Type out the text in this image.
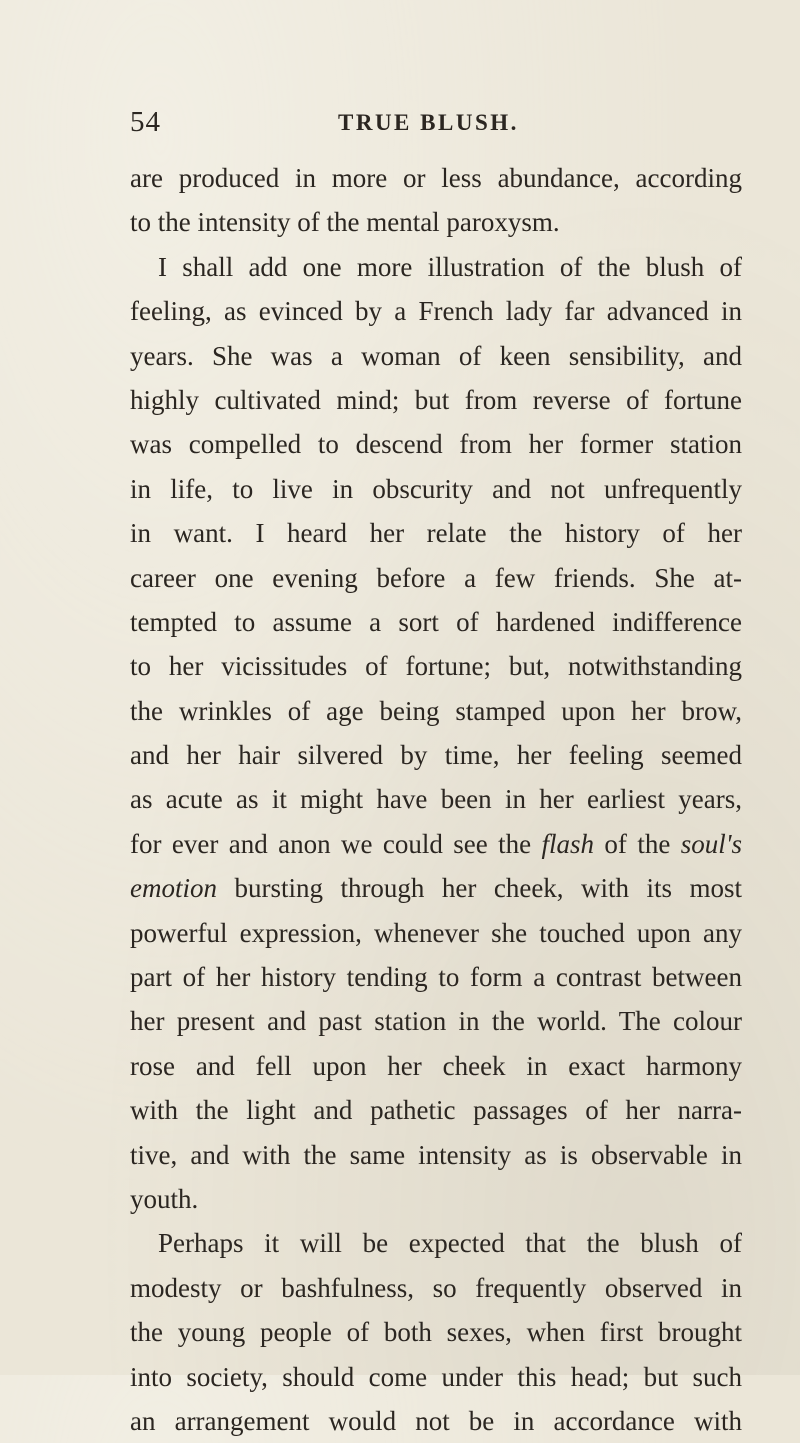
54	TRUE BLUSH.
are produced in more or less abundance, according
to the intensity of the mental paroxysm.
I shall add one more illustration of the blush of
feeling, as evinced by a French lady far advanced in
years. She was a woman of keen sensibility, and
highly cultivated mind; but from reverse of fortune
was compelled to descend from her former station
in life, to live in obscurity and not unfrequently
in want. I heard her relate the history of her
career one evening before a few friends. She at-
tempted to assume a sort of hardened indifference
to her vicissitudes of fortune; but, notwithstanding
the wrinkles of age being stamped upon her brow,
and her hair silvered by time, her feeling seemed
as acute as it might have been in her earliest years,
for ever and anon we could see the flash of the soul's
emotion bursting through her cheek, with its most
powerful expression, whenever she touched upon any
part of her history tending to form a contrast between
her present and past station in the world. The colour
rose and fell upon her cheek in exact harmony
with the light and pathetic passages of her narra-
tive, and with the same intensity as is observable in
youth.
Perhaps it will be expected that the blush of
modesty or bashfulness, so frequently observed in
the young people of both sexes, when first brought
into society, should come under this head; but such
an arrangement would not be in accordance with
